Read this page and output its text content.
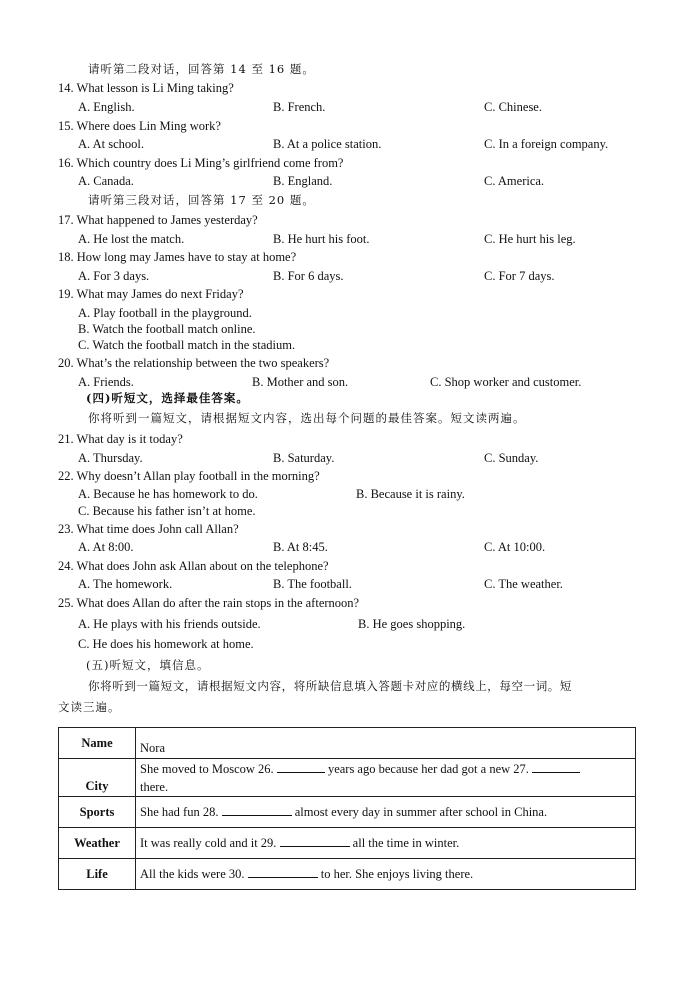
请听第二段对话，回答第 14 至 16 题。
14. What lesson is Li Ming taking?
A. English.	B. French.	C. Chinese.
15. Where does Lin Ming work?
A. At school.	B. At a police station.	C. In a foreign company.
16. Which country does Li Ming’s girlfriend come from?
A. Canada.	B. England.	C. America.
请听第三段对话，回答第 17 至 20 题。
17. What happened to James yesterday?
A. He lost the match.	B. He hurt his foot.	C. He hurt his leg.
18. How long may James have to stay at home?
A. For 3 days.	B. For 6 days.	C. For 7 days.
19. What may James do next Friday?
A. Play football in the playground.
B. Watch the football match online.
C. Watch the football match in the stadium.
20. What’s the relationship between the two speakers?
A. Friends.	B. Mother and son.	C. Shop worker and customer.
(四)听短文，选择最佳答案。
你将听到一篇短文，请根据短文内容，选出每个问题的最佳答案。短文读两遍。
21. What day is it today?
A. Thursday.	B. Saturday.	C. Sunday.
22. Why doesn’t Allan play football in the morning?
A. Because he has homework to do.	B. Because it is rainy.
C. Because his father isn’t at home.
23. What time does John call Allan?
A. At 8:00.	B. At 8:45.	C. At 10:00.
24. What does John ask Allan about on the telephone?
A. The homework.	B. The football.	C. The weather.
25. What does Allan do after the rain stops in the afternoon?
A. He plays with his friends outside.	B. He goes shopping.
C. He does his homework at home.
(五)听短文，填信息。
你将听到一篇短文，请根据短文内容，将所缺信息填入答题卡对应的横线上，每空一词。短
文读三遍。
Name	Nora
City	She moved to Moscow 26. years ago because her dad got a new 27.
there.
Sports	She had fun 28. almost every day in summer after school in China.
Weather	It was really cold and it 29. all the time in winter.
Life	All the kids were 30. to her. She enjoys living there.
